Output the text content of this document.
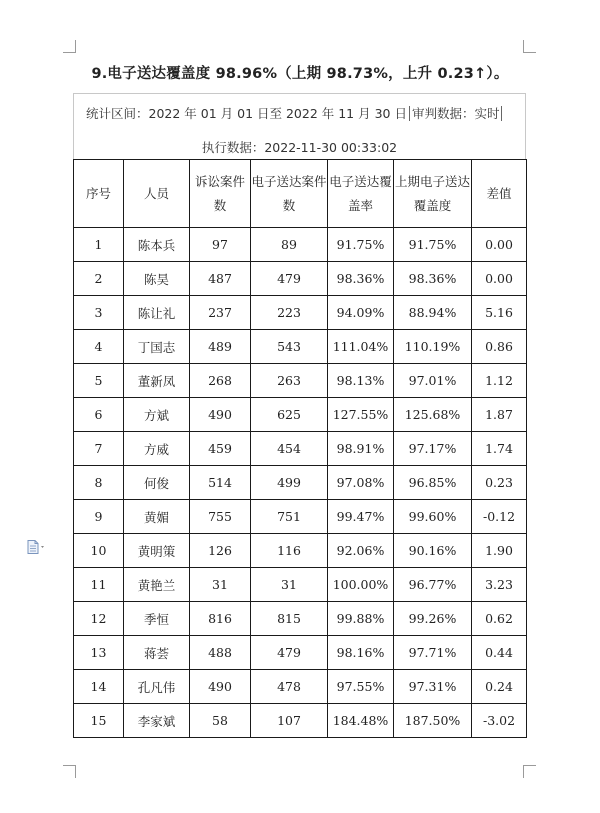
9.电子送达覆盖度 98.96%（上期 98.73%，上升 0.23↑）。
统计区间：2022 年 01 月 01 日至 2022 年 11 月 30 日 审判数据：实时
执行数据：2022-11-30 00:33:02
序号	人员	诉讼案件数	电子送达案件数	电子送达覆盖率	上期电子送达覆盖度	差值
1	陈本兵	97	89	91.75%	91.75%	0.00
2	陈昊	487	479	98.36%	98.36%	0.00
3	陈让礼	237	223	94.09%	88.94%	5.16
4	丁国志	489	543	111.04%	110.19%	0.86
5	董新凤	268	263	98.13%	97.01%	1.12
6	方斌	490	625	127.55%	125.68%	1.87
7	方威	459	454	98.91%	97.17%	1.74
8	何俊	514	499	97.08%	96.85%	0.23
9	黄媚	755	751	99.47%	99.60%	-0.12
10	黄明策	126	116	92.06%	90.16%	1.90
11	黄艳兰	31	31	100.00%	96.77%	3.23
12	季恒	816	815	99.88%	99.26%	0.62
13	蒋荟	488	479	98.16%	97.71%	0.44
14	孔凡伟	490	478	97.55%	97.31%	0.24
15	李家斌	58	107	184.48%	187.50%	-3.02
